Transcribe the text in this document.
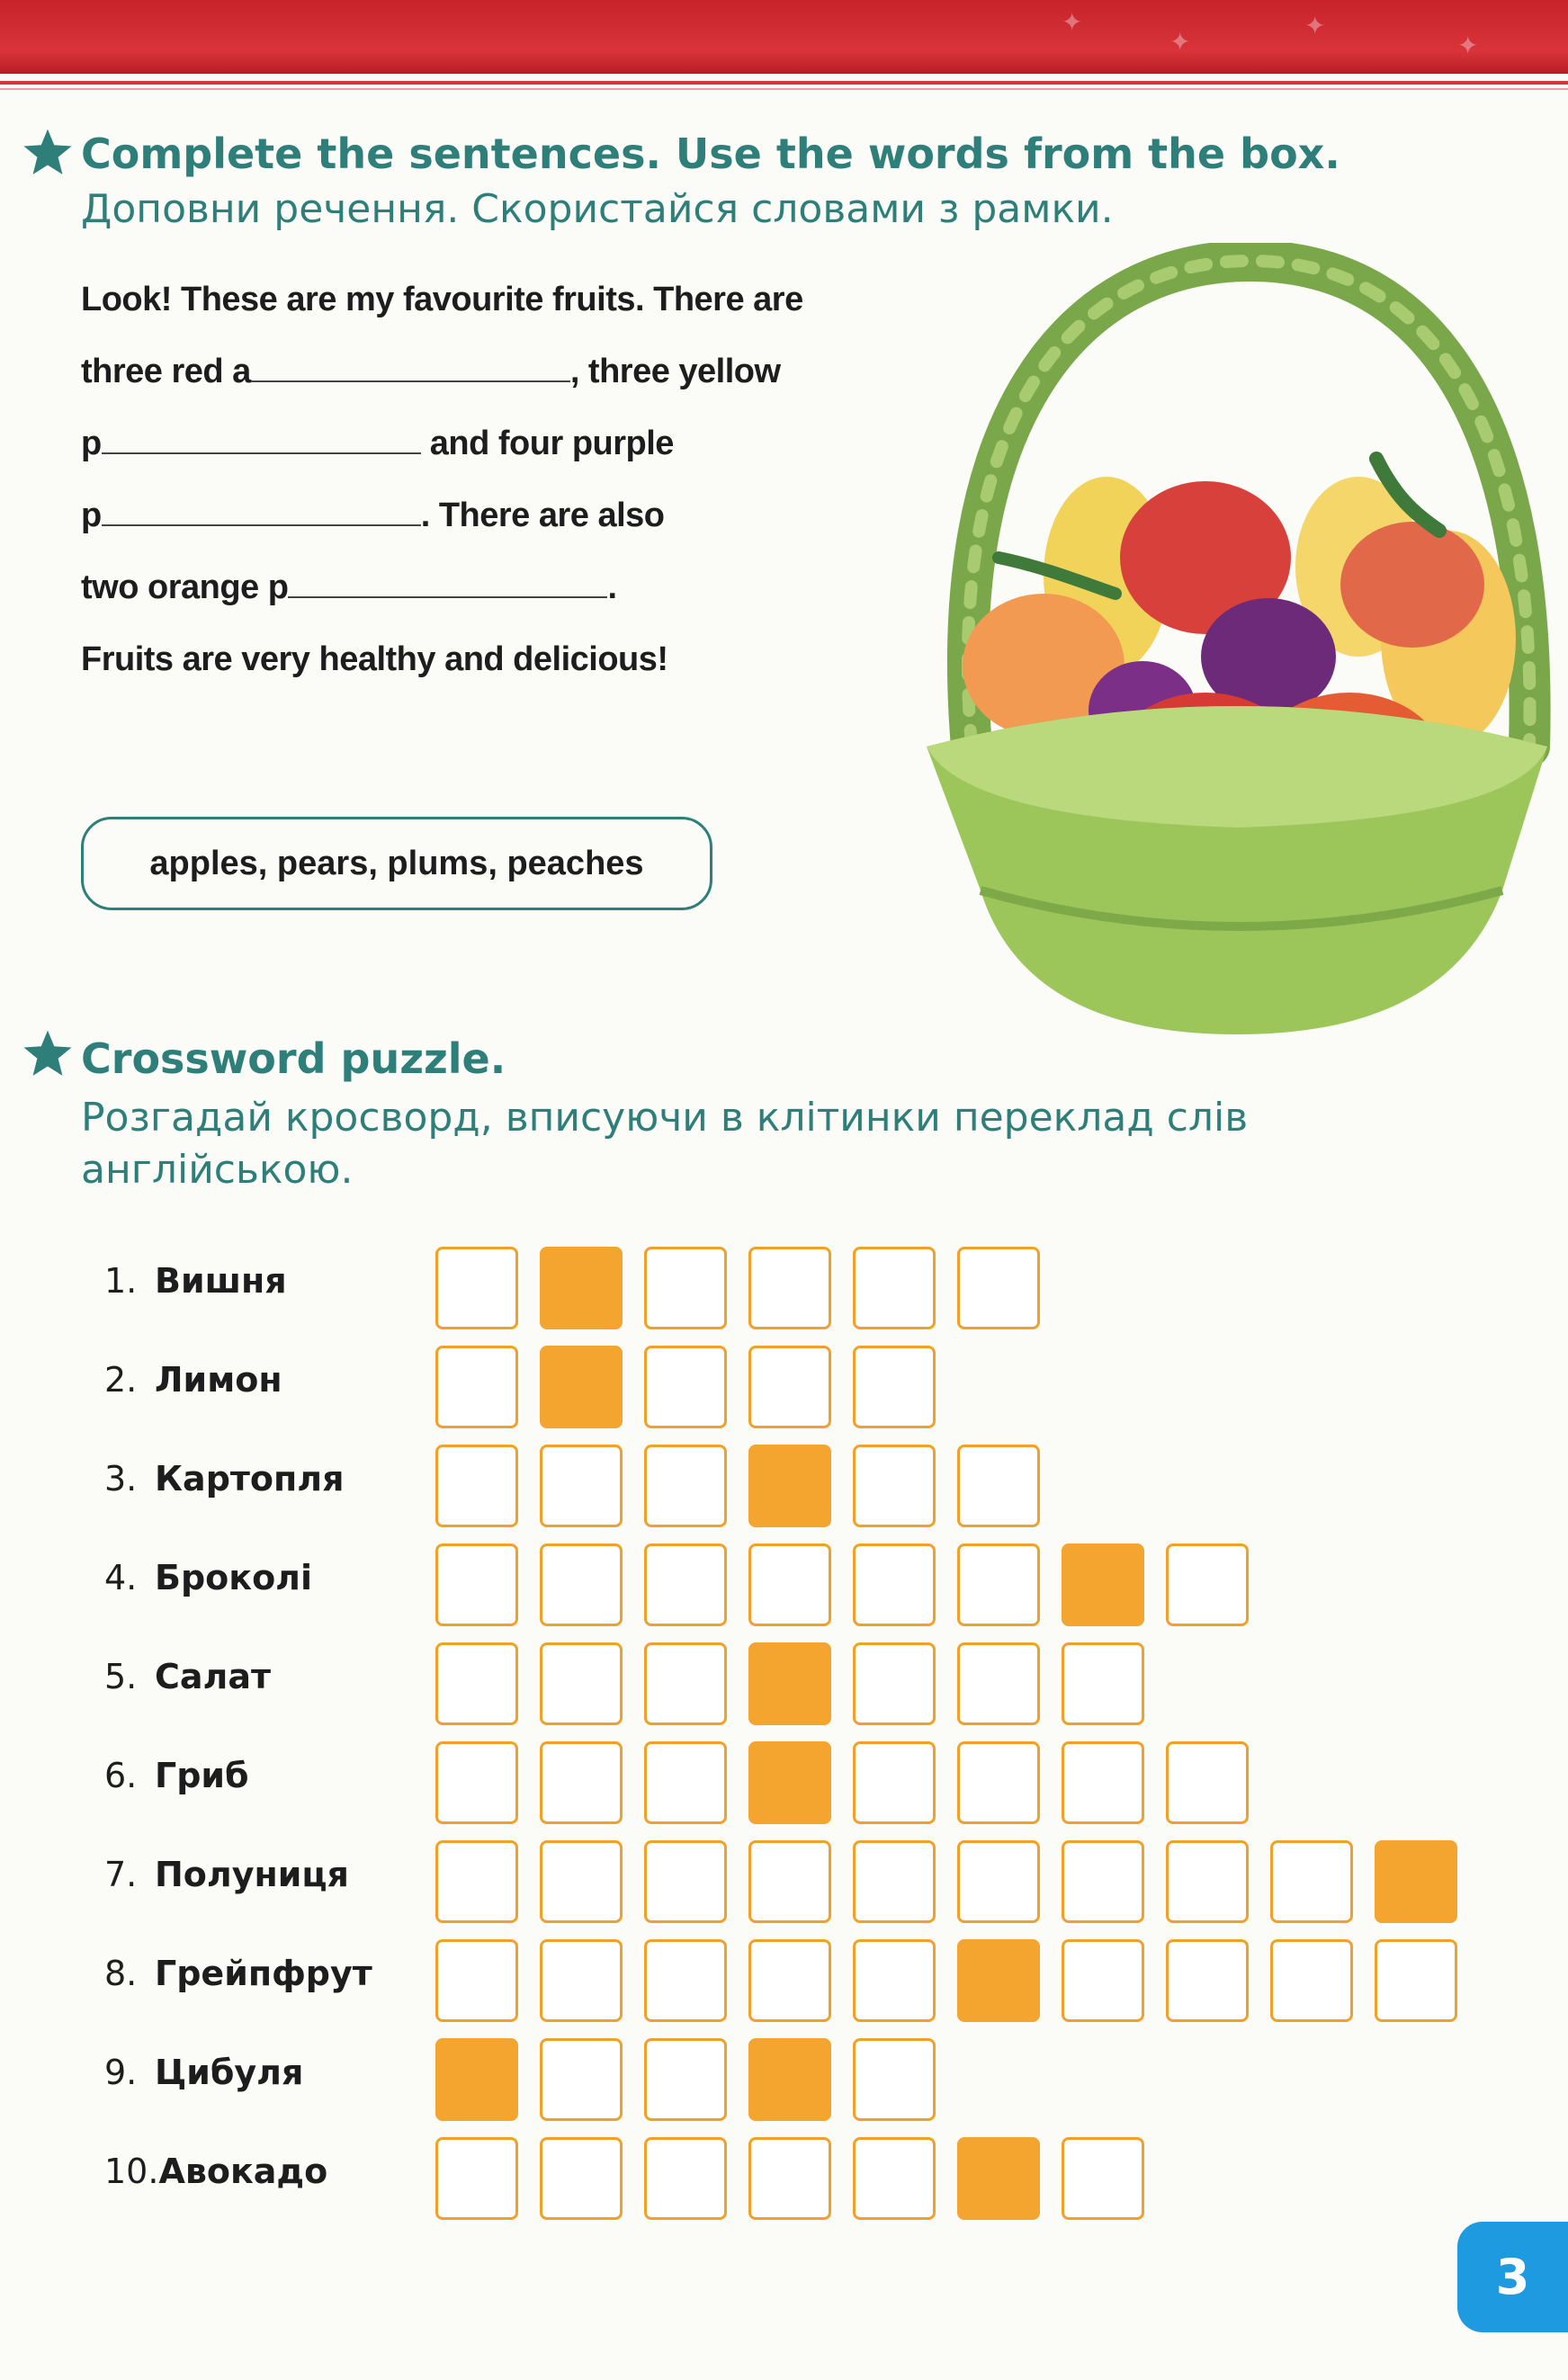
✦
✦
✦
✦
Complete the sentences. Use the words from the box.
Доповни речення. Скористайся словами з рамки.
Look! These are my favourite fruits. There are
three red a	, three yellow
p	and four purple
p	. There are also
two orange p	.
Fruits are very healthy and delicious!
apples, pears, plums, peaches
Crossword puzzle.
Розгадай кросворд, вписуючи в клітинки переклад слів
англійською.
1. Вишня
2. Лимон
3. Картопля
4. Броколі
5. Салат
6. Гриб
7. Полуниця
8. Грейпфрут
9. Цибуля
10.Авокадо
3
